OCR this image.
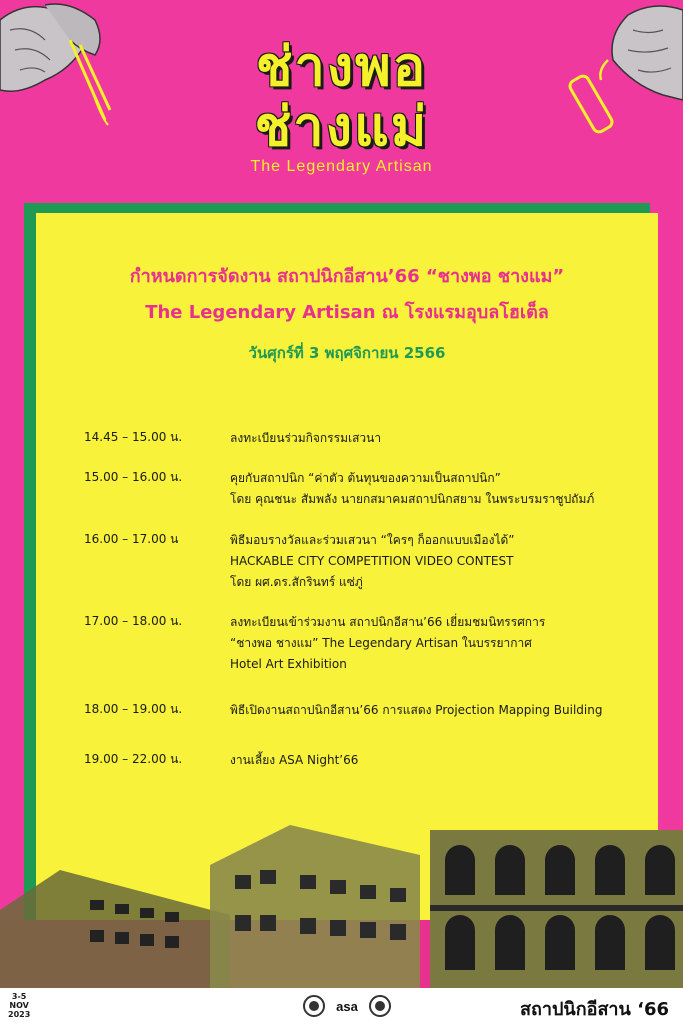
ช่างพอ
ช่างแม่
The Legendary Artisan
กำหนดการจัดงาน สถาปนิกอีสาน’66 “ชางพอ ชางแม”
The Legendary Artisan ณ โรงแรมอุบลโฮเต็ล
วันศุกร์ที่ 3 พฤศจิกายน 2566
14.45 – 15.00 น.	ลงทะเบียนร่วมกิจกรรมเสวนา
15.00 – 16.00 น.	คุยกับสถาปนิก “ค่าตัว ต้นทุนของความเป็นสถาปนิก”
โดย คุณชนะ สัมพลัง นายกสมาคมสถาปนิกสยาม ในพระบรมราชูปถัมภ์
16.00 – 17.00 น	พิธีมอบรางวัลและร่วมเสวนา “ใครๆ ก็ออกแบบเมืองได้”
HACKABLE CITY COMPETITION VIDEO CONTEST
โดย ผศ.ดร.สักรินทร์ แซ่ภู่
17.00 – 18.00 น.	ลงทะเบียนเข้าร่วมงาน สถาปนิกอีสาน’66 เยี่ยมชมนิทรรศการ
“ชางพอ ชางแม” The Legendary Artisan ในบรรยากาศ
Hotel Art Exhibition
18.00 – 19.00 น.	พิธีเปิดงานสถาปนิกอีสาน’66 การแสดง Projection Mapping Building
19.00 – 22.00 น.	งานเลี้ยง ASA Night’66
3-5
NOV
2023
asa	สถาปนิกอีสาน ‘66
